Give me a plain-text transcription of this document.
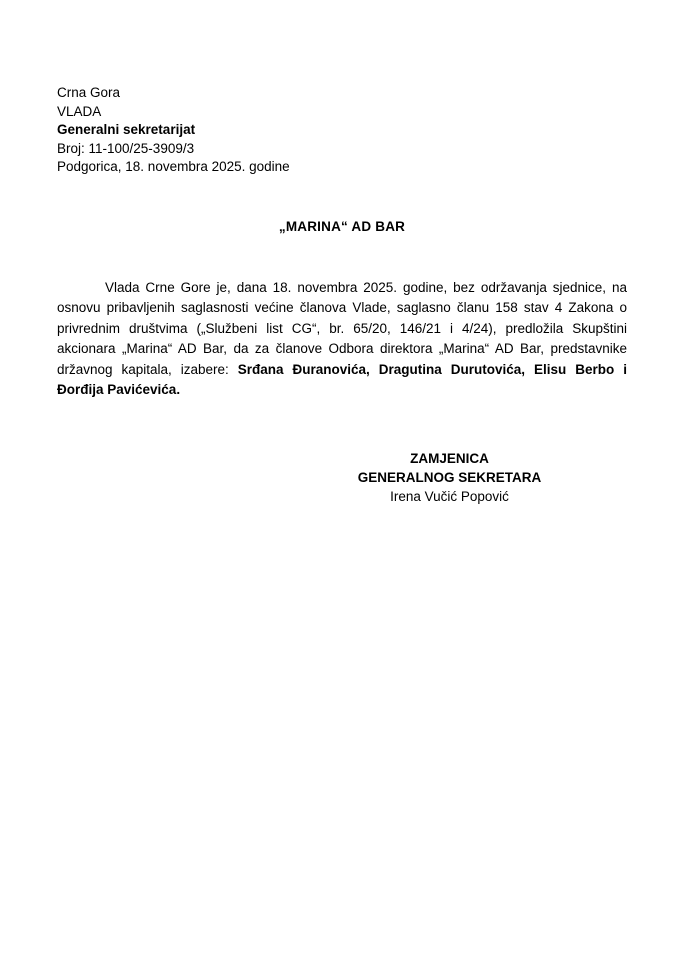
Crna Gora
VLADA
Generalni sekretarijat
Broj: 11-100/25-3909/3
Podgorica, 18. novembra 2025. godine
„MARINA“ AD BAR
Vlada Crne Gore je, dana 18. novembra 2025. godine, bez održavanja sjednice, na osnovu pribavljenih saglasnosti većine članova Vlade, saglasno članu 158 stav 4 Zakona o privrednim društvima („Službeni list CG“, br. 65/20, 146/21 i 4/24), predložila Skupštini akcionara „Marina“ AD Bar, da za članove Odbora direktora „Marina“ AD Bar, predstavnike državnog kapitala, izabere: Srđana Đuranovića, Dragutina Durutovića, Elisu Berbo i Đorđija Pavićevića.
ZAMJENICA
GENERALNOG SEKRETARA
Irena Vučić Popović
